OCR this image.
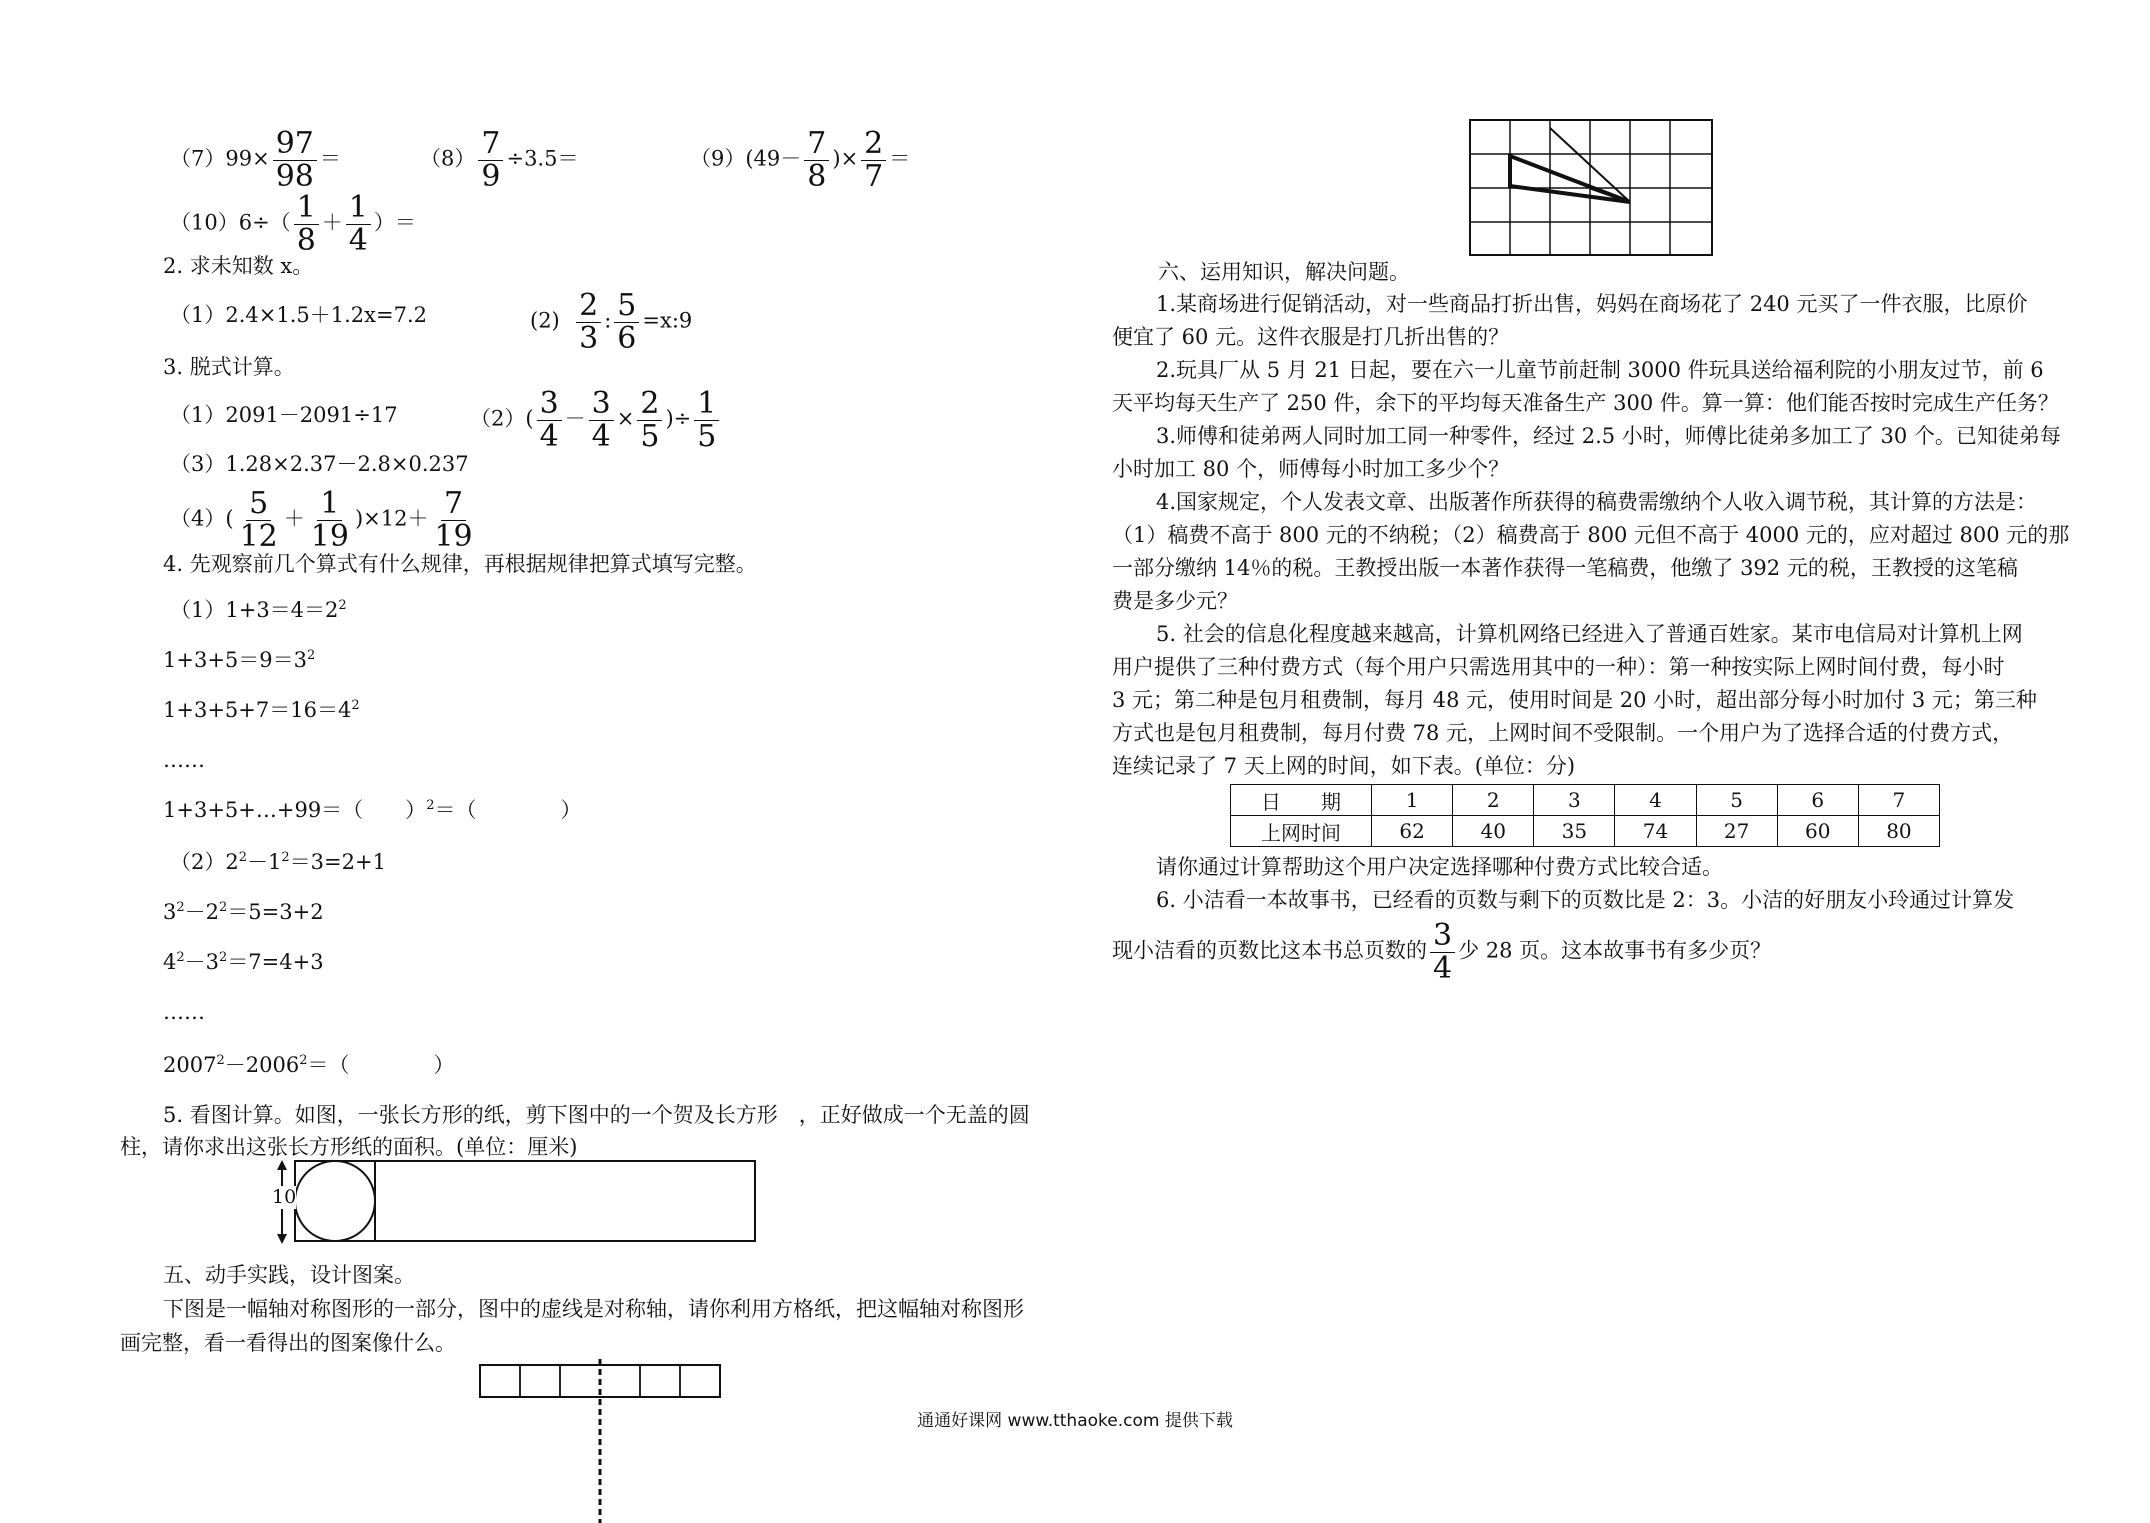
$(7)99\times \frac{97}{98}$ ＝	$(8) \frac{7}{9} \div 3.5=$	$(9)(49- \frac{7}{8}$ )× $\frac{2}{7}$ ＝
$(10)6\div( \frac{1}{8} + \frac{1}{4}$ ）＝
2. 求未知数 x。
（1）2.4×1.5＋1.2x=7.2	$(2) \frac{2}{3}$ : $\frac{5}{6}$ =x:9
3. 脱式计算。
（1）2091－2091÷17	$(2)( \frac{3}{4} - \frac{3}{4} \times \frac{2}{5}$ )÷ $\frac{1}{5}$
（3）1.28×2.37－2.8×0.237
$(4)( \frac{5}{12} + \frac{1}{19} )\times 12+ \frac{7}{19}$
4. 先观察前几个算式有什么规律，再根据规律把算式填写完整。
$(1)1+3=4=2^2$
$1+3+5=9=3^2$
$1+3+5+7=16=4^2$
……
1+3+5+…+99＝（　　）$^2$＝（　　　　）
$(2)2^2-1^2=3=2+1$
$3^2-2^2=5=3+2$
$4^2-3^2=7=4+3$
……
$2007^2-2006^2=$（　　　　）
5. 看图计算。如图，一张长方形的纸，剪下图中的一个贺及长方形　，正好做成一个无盖的圆
柱，请你求出这张长方形纸的面积。(单位：厘米)
10
五、动手实践，设计图案。
下图是一幅轴对称图形的一部分，图中的虚线是对称轴，请你利用方格纸，把这幅轴对称图形
画完整，看一看得出的图案像什么。
六、运用知识，解决问题。
1.某商场进行促销活动，对一些商品打折出售，妈妈在商场花了 240 元买了一件衣服，比原价
便宜了 60 元。这件衣服是打几折出售的？
2.玩具厂从 5 月 21 日起，要在六一儿童节前赶制 3000 件玩具送给福利院的小朋友过节，前 6
天平均每天生产了 250 件，余下的平均每天准备生产 300 件。算一算：他们能否按时完成生产任务？
3.师傅和徒弟两人同时加工同一种零件，经过 2.5 小时，师傅比徒弟多加工了 30 个。已知徒弟每
小时加工 80 个，师傅每小时加工多少个？
4.国家规定，个人发表文章、出版著作所获得的稿费需缴纳个人收入调节税，其计算的方法是：
（1）稿费不高于 800 元的不纳税；（2）稿费高于 800 元但不高于 4000 元的，应对超过 800 元的那
一部分缴纳 14％的税。王教授出版一本著作获得一笔稿费，他缴了 392 元的税，王教授的这笔稿
费是多少元？
5. 社会的信息化程度越来越高，计算机网络已经进入了普通百姓家。某市电信局对计算机上网
用户提供了三种付费方式（每个用户只需选用其中的一种）：第一种按实际上网时间付费，每小时
3 元；第二种是包月租费制，每月 48 元，使用时间是 20 小时，超出部分每小时加付 3 元；第三种
方式也是包月租费制，每月付费 78 元，上网时间不受限制。一个用户为了选择合适的付费方式，
连续记录了 7 天上网的时间，如下表。(单位：分)
日　　期	1	2	3	4	5	6	7
上网时间	62	40	35	74	27	60	80
请你通过计算帮助这个用户决定选择哪种付费方式比较合适。
6. 小洁看一本故事书，已经看的页数与剩下的页数比是 2：3。小洁的好朋友小玲通过计算发
现小洁看的页数比这本书总页数的 $\frac{3}{4}$ 少 28 页。这本故事书有多少页？
通通好课网 www.tthaoke.com 提供下载
